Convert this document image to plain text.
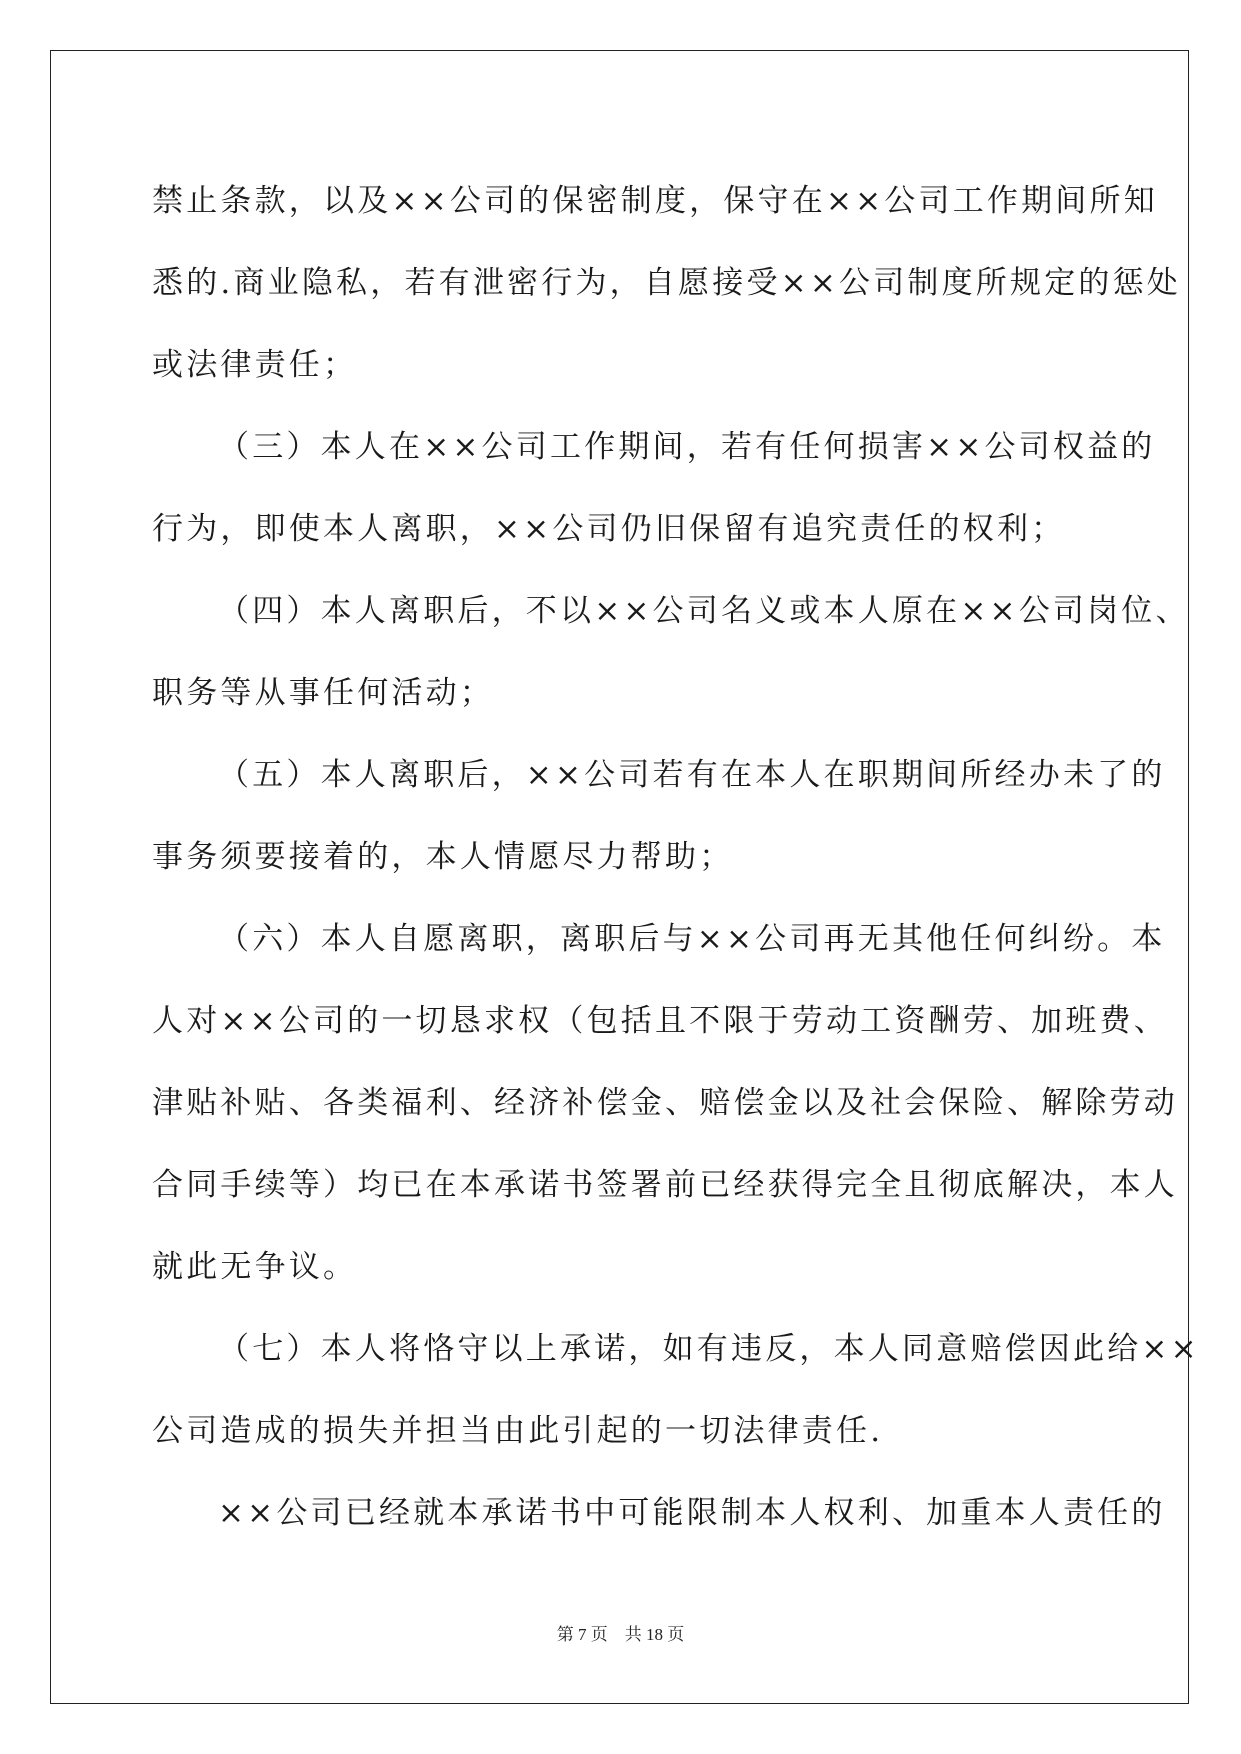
禁止条款，以及××公司的保密制度，保守在××公司工作期间所知
悉的.商业隐私，若有泄密行为，自愿接受××公司制度所规定的惩处
或法律责任；
（三）本人在××公司工作期间，若有任何损害××公司权益的
行为，即使本人离职，××公司仍旧保留有追究责任的权利；
（四）本人离职后，不以××公司名义或本人原在××公司岗位、
职务等从事任何活动；
（五）本人离职后，××公司若有在本人在职期间所经办未了的
事务须要接着的，本人情愿尽力帮助；
（六）本人自愿离职，离职后与××公司再无其他任何纠纷。本
人对××公司的一切恳求权（包括且不限于劳动工资酬劳、加班费、
津贴补贴、各类福利、经济补偿金、赔偿金以及社会保险、解除劳动
合同手续等）均已在本承诺书签署前已经获得完全且彻底解决，本人
就此无争议。
（七）本人将恪守以上承诺，如有违反，本人同意赔偿因此给××
公司造成的损失并担当由此引起的一切法律责任.
××公司已经就本承诺书中可能限制本人权利、加重本人责任的
第 7 页　共 18 页
